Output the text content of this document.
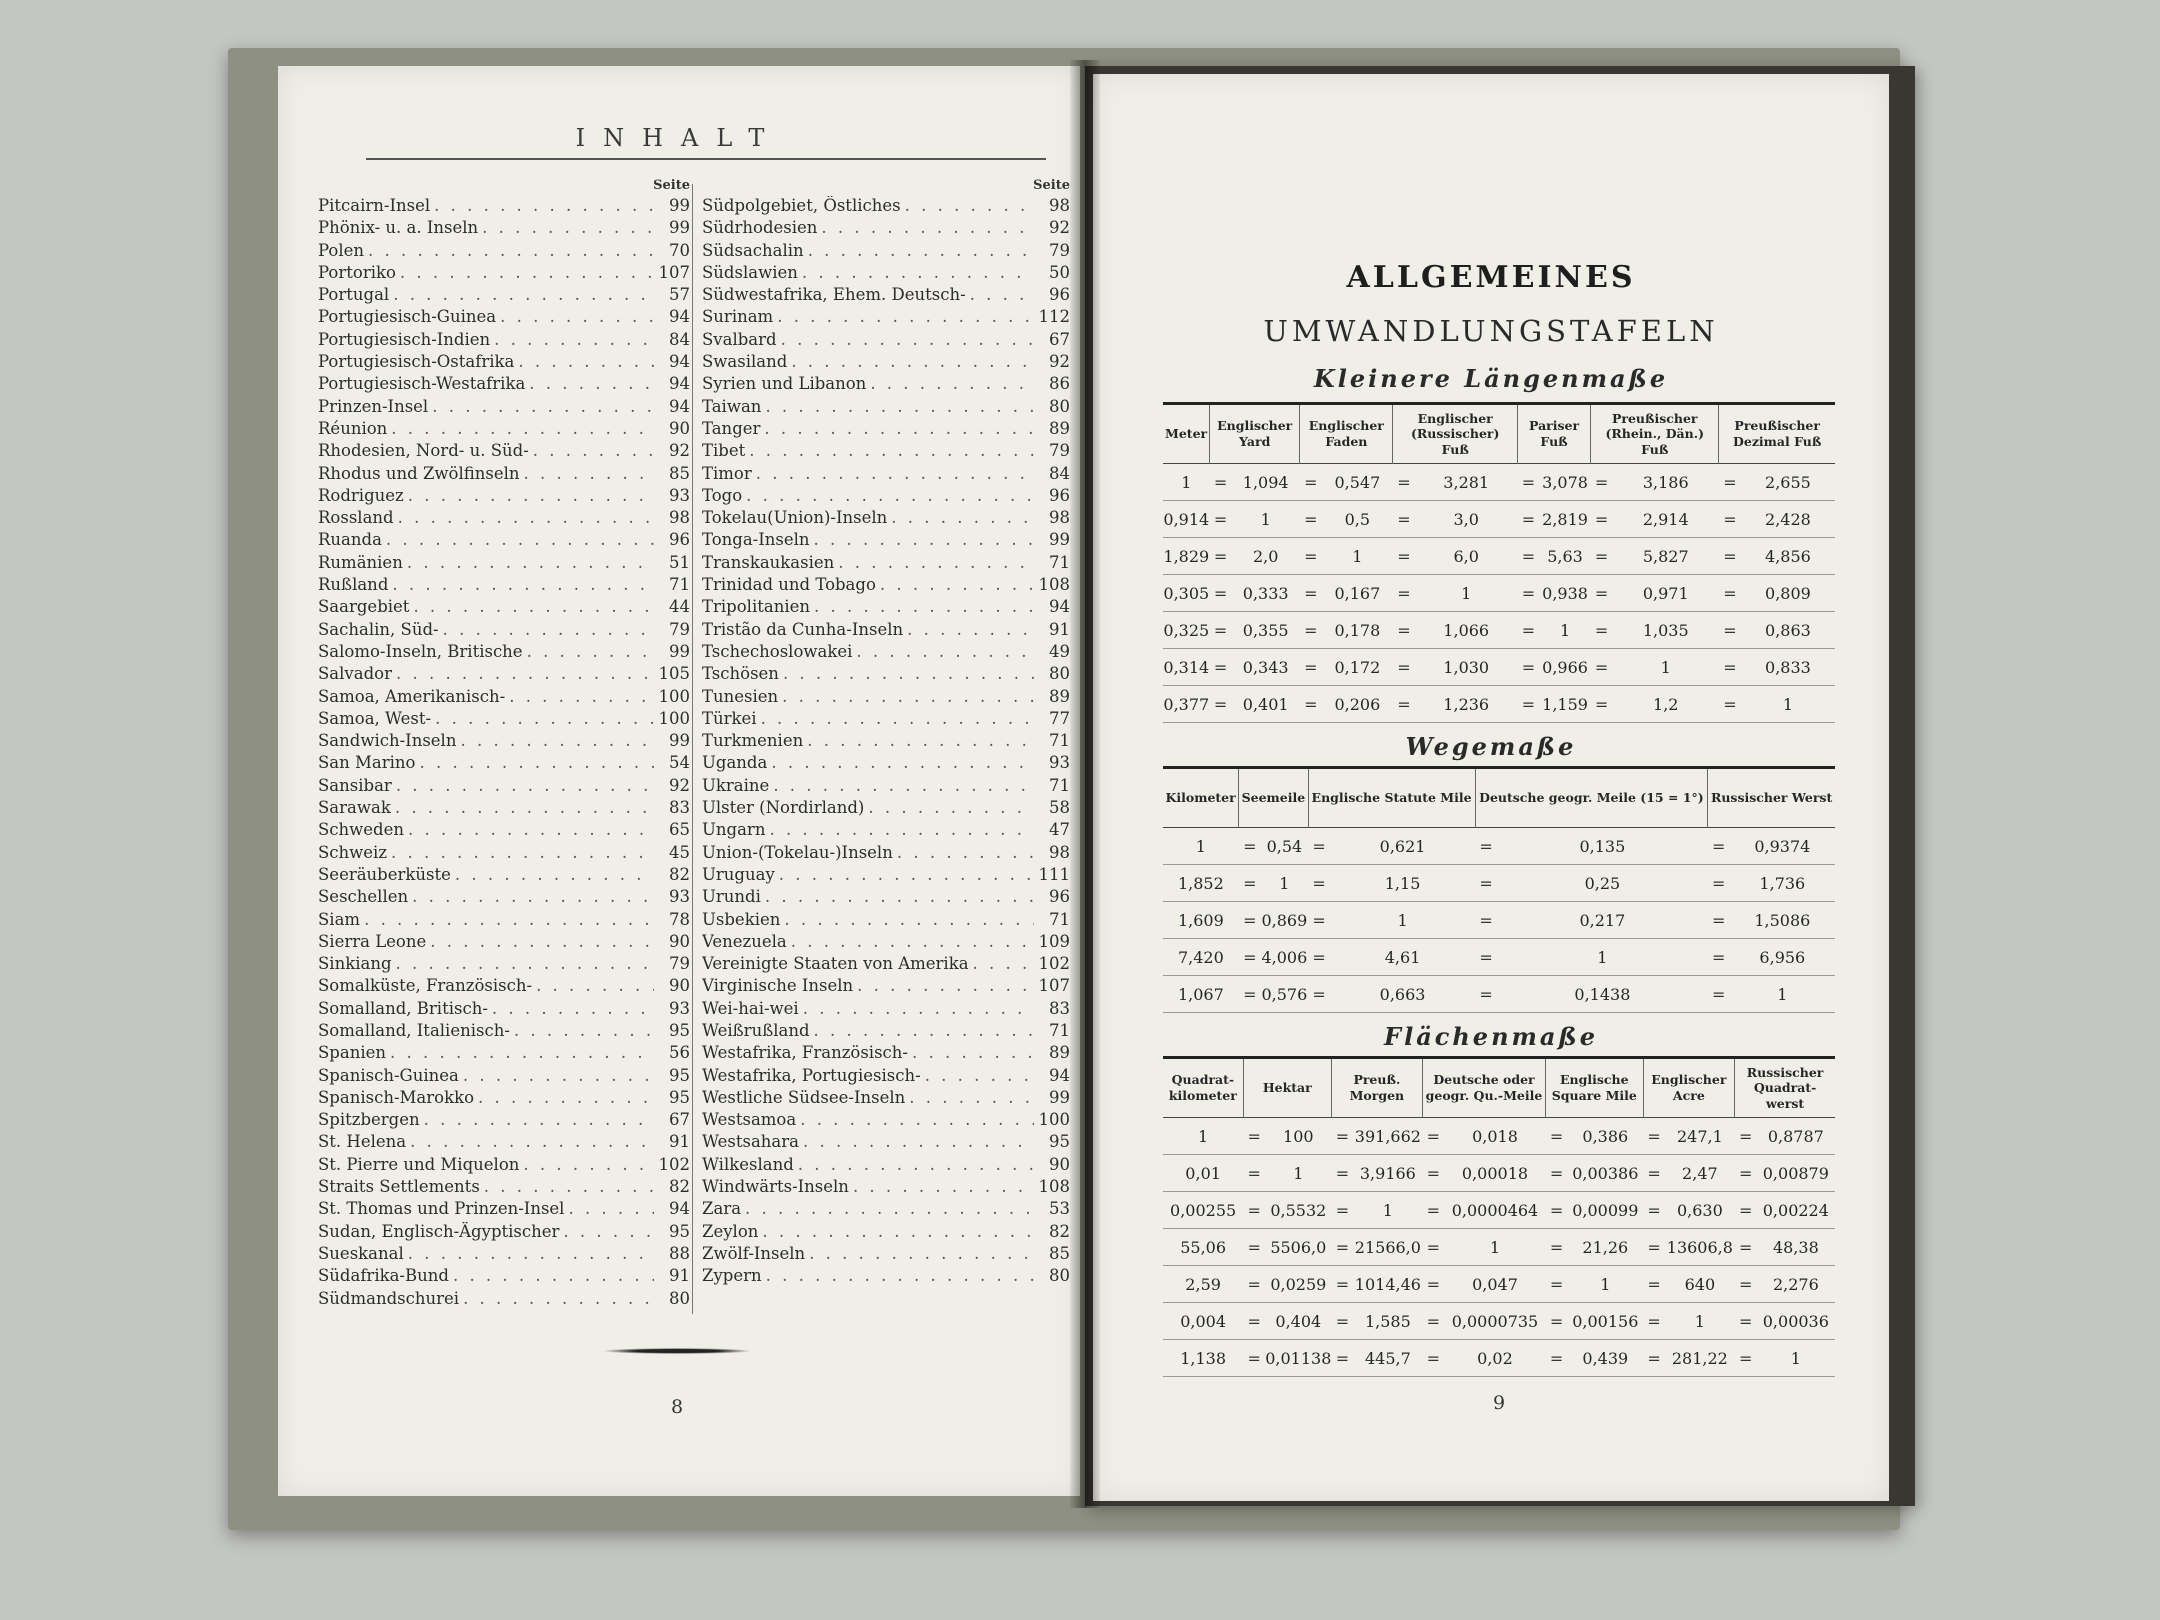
INHALT
Seite
Pitcairn-Insel . . .	99
Phönix- u. a. Inseln . . .	99
Polen . . .	70
Portoriko . . .	107
Portugal . . .	57
Portugiesisch-Guinea . . .	94
Portugiesisch-Indien . . .	84
Portugiesisch-Ostafrika . . .	94
Portugiesisch-Westafrika . . .	94
Prinzen-Insel . . .	94
Réunion . . .	90
Rhodesien, Nord- u. Süd- . . .	92
Rhodus und Zwölfinseln . . .	85
Rodriguez . . .	93
Rossland . . .	98
Ruanda . . .	96
Rumänien . . .	51
Rußland . . .	71
Saargebiet . . .	44
Sachalin, Süd- . . .	79
Salomo-Inseln, Britische . . .	99
Salvador . . .	105
Samoa, Amerikanisch- . . .	100
Samoa, West- . . .	100
Sandwich-Inseln . . .	99
San Marino . . .	54
Sansibar . . .	92
Sarawak . . .	83
Schweden . . .	65
Schweiz . . .	45
Seeräuberküste . . .	82
Seschellen . . .	93
Siam . . .	78
Sierra Leone . . .	90
Sinkiang . . .	79
Somalküste, Französisch- . . .	90
Somalland, Britisch- . . .	93
Somalland, Italienisch- . . .	95
Spanien . . .	56
Spanisch-Guinea . . .	95
Spanisch-Marokko . . .	95
Spitzbergen . . .	67
St. Helena . . .	91
St. Pierre und Miquelon . . .	102
Straits Settlements . . .	82
St. Thomas und Prinzen-Insel . . .	94
Sudan, Englisch-Ägyptischer . . .	95
Sueskanal . . .	88
Südafrika-Bund . . .	91
Südmandschurei . . .	80
Seite
Südpolgebiet, Östliches . . .	98
Südrhodesien . . .	92
Südsachalin . . .	79
Südslawien . . .	50
Südwestafrika, Ehem. Deutsch- . . .	96
Surinam . . .	112
Svalbard . . .	67
Swasiland . . .	92
Syrien und Libanon . . .	86
Taiwan . . .	80
Tanger . . .	89
Tibet . . .	79
Timor . . .	84
Togo . . .	96
Tokelau(Union)-Inseln . . .	98
Tonga-Inseln . . .	99
Transkaukasien . . .	71
Trinidad und Tobago . . .	108
Tripolitanien . . .	94
Tristão da Cunha-Inseln . . .	91
Tschechoslowakei . . .	49
Tschösen . . .	80
Tunesien . . .	89
Türkei . . .	77
Turkmenien . . .	71
Uganda . . .	93
Ukraine . . .	71
Ulster (Nordirland) . . .	58
Ungarn . . .	47
Union-(Tokelau-)Inseln . . .	98
Uruguay . . .	111
Urundi . . .	96
Usbekien . . .	71
Venezuela . . .	109
Vereinigte Staaten von Amerika . . .	102
Virginische Inseln . . .	107
Wei-hai-wei . . .	83
Weißrußland . . .	71
Westafrika, Französisch- . . .	89
Westafrika, Portugiesisch- . . .	94
Westliche Südsee-Inseln . . .	99
Westsamoa . . .	100
Westsahara . . .	95
Wilkesland . . .	90
Windwärts-Inseln . . .	108
Zara . . .	53
Zeylon . . .	82
Zwölf-Inseln . . .	85
Zypern . . .	80
8
ALLGEMEINES
UMWANDLUNGSTAFELN
Kleinere Längenmaße
Meter	Englischer Yard		Englischer Faden		Englischer (Russischer) Fuß		Pariser Fuß		Preußischer (Rhein., Dän.) Fuß		Preußischer Dezimal Fuß	
1	=	1,094	=	0,547	=	3,281	=	3,078	=	3,186	=	2,655
0,914	=	1	=	0,5	=	3,0	=	2,819	=	2,914	=	2,428
1,829	=	2,0	=	1	=	6,0	=	5,63	=	5,827	=	4,856
0,305	=	0,333	=	0,167	=	1	=	0,938	=	0,971	=	0,809
0,325	=	0,355	=	0,178	=	1,066	=	1	=	1,035	=	0,863
0,314	=	0,343	=	0,172	=	1,030	=	0,966	=	1	=	0,833
0,377	=	0,401	=	0,206	=	1,236	=	1,159	=	1,2	=	1
Wegemaße
Kilometer	Seemeile		Englische Statute Mile		Deutsche geogr. Meile (15 = 1°)		Russischer Werst	
1	=	0,54	=	0,621	=	0,135	=	0,9374
1,852	=	1	=	1,15	=	0,25	=	1,736
1,609	=	0,869	=	1	=	0,217	=	1,5086
7,420	=	4,006	=	4,61	=	1	=	6,956
1,067	=	0,576	=	0,663	=	0,1438	=	1
Flächenmaße
Quadrat-kilometer	Hektar		Preuß. Morgen		Deutsche oder geogr. Qu.-Meile		Englische Square Mile		Englischer Acre		Russischer Quadrat-werst	
1	=	100	=	391,662	=	0,018	=	0,386	=	247,1	=	0,8787
0,01	=	1	=	3,9166	=	0,00018	=	0,00386	=	2,47	=	0,00879
0,00255	=	0,5532	=	1	=	0,0000464	=	0,00099	=	0,630	=	0,00224
55,06	=	5506,0	=	21566,0	=	1	=	21,26	=	13606,8	=	48,38
2,59	=	0,0259	=	1014,46	=	0,047	=	1	=	640	=	2,276
0,004	=	0,404	=	1,585	=	0,0000735	=	0,00156	=	1	=	0,00036
1,138	=	0,01138	=	445,7	=	0,02	=	0,439	=	281,22	=	1
9
